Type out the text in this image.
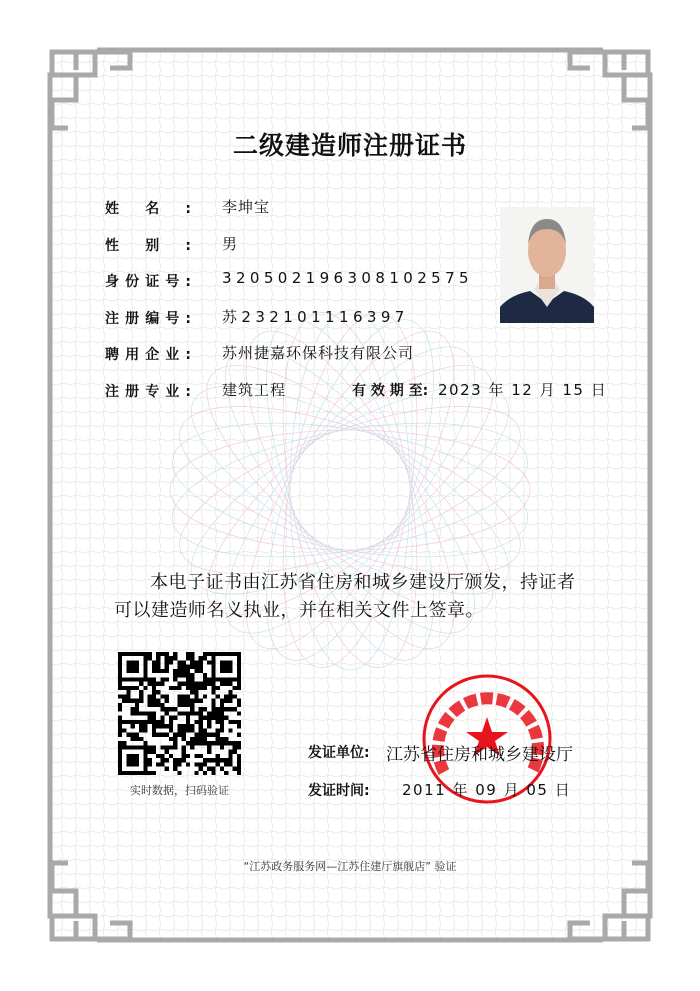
二级建造师注册证书
姓名: 李坤宝
性别: 男
身份证号: 320502196308102575
注册编号: 苏232101116397
聘用企业: 苏州捷嘉环保科技有限公司
注册专业: 建筑工程	有 效 期 至: 2023 年 12 月 15 日
本电子证书由江苏省住房和城乡建设厅颁发，持证者
可以建造师名义执业，并在相关文件上签章。
实时数据，扫码验证
发证单位: 江苏省住房和城乡建设厅
发证时间: 2011 年 09 月 05 日
“江苏政务服务网—江苏住建厅旗舰店” 验证
